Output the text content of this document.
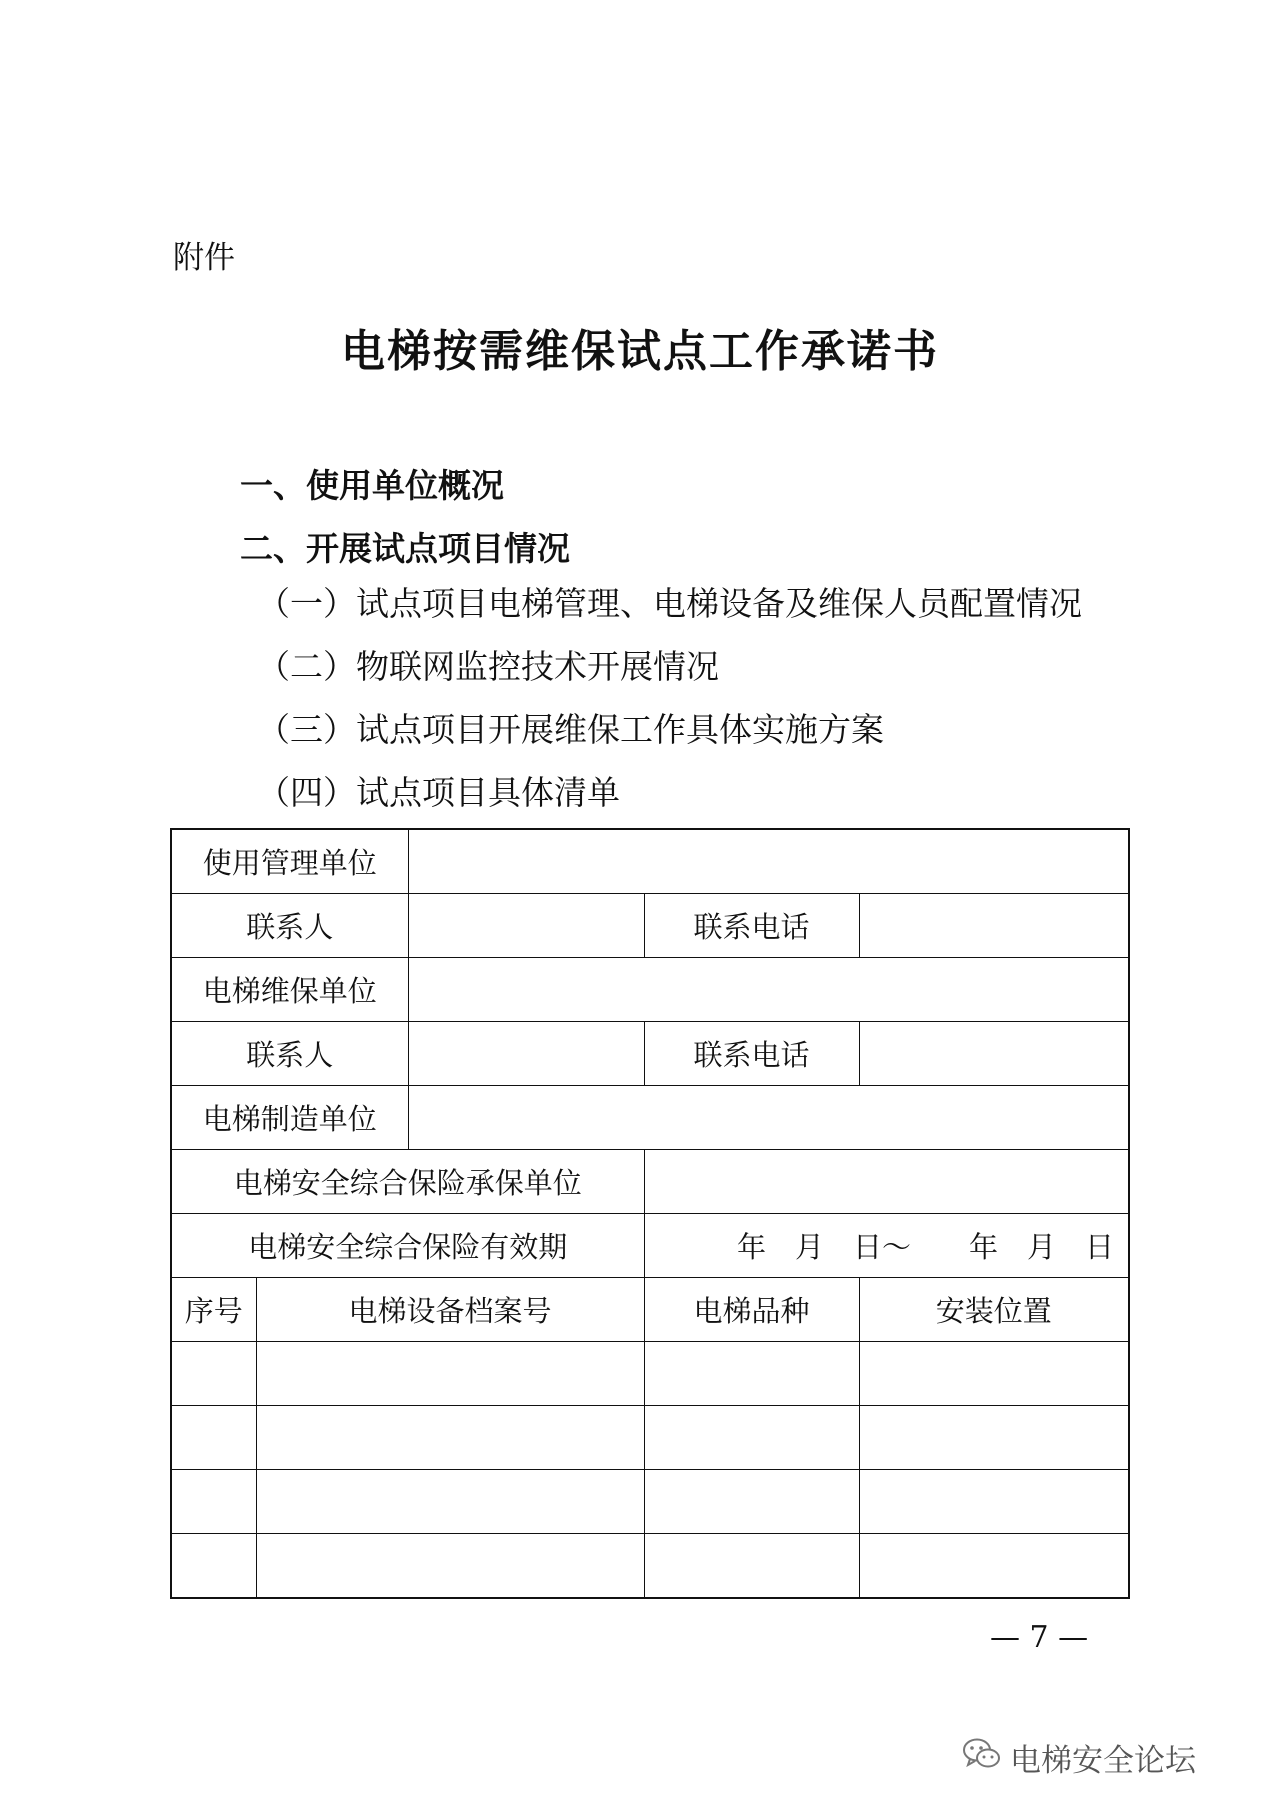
附件
电梯按需维保试点工作承诺书
一、使用单位概况
二、开展试点项目情况
（一）试点项目电梯管理、电梯设备及维保人员配置情况
（二）物联网监控技术开展情况
（三）试点项目开展维保工作具体实施方案
（四）试点项目具体清单
使用管理单位				
联系人			联系电话	
电梯维保单位				
联系人			联系电话	
电梯制造单位				
电梯安全综合保险承保单位				
电梯安全综合保险有效期			年　月　日～　　年　月　日	
序号	电梯设备档案号		电梯品种	安装位置

— 7 —
电梯安全论坛
